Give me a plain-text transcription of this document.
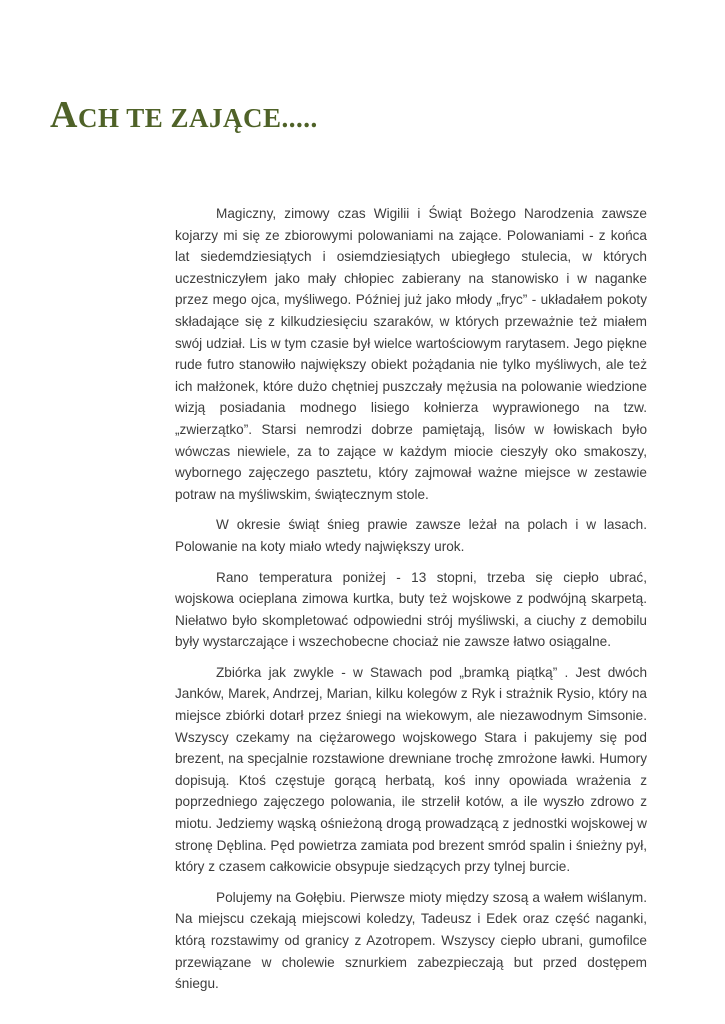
ACH TE ZAJĄCE.....

Magiczny, zimowy czas Wigilii i Świąt Bożego Narodzenia zawsze kojarzy mi się ze zbiorowymi polowaniami na zające. Polowaniami - z końca lat siedemdziesiątych i osiemdziesiątych ubiegłego stulecia, w których uczestniczyłem jako mały chłopiec zabierany na stanowisko i w naganke przez mego ojca, myśliwego. Później już jako młody „fryc” - układałem pokoty składające się z kilkudziesięciu szaraków, w których przeważnie też miałem swój udział. Lis w tym czasie był wielce wartościowym rarytasem. Jego piękne rude futro stanowiło największy obiekt pożądania nie tylko myśliwych, ale też ich małżonek, które dużo chętniej puszczały mężusia na polowanie wiedzione wizją posiadania modnego lisiego kołnierza wyprawionego na tzw. „zwierzątko”. Starsi nemrodzi dobrze pamiętają, lisów w łowiskach było wówczas niewiele, za to zające w każdym miocie cieszyły oko smakoszy, wybornego zajęczego pasztetu, który zajmował ważne miejsce w zestawie potraw na myśliwskim, świątecznym stole.

W okresie świąt śnieg prawie zawsze leżał na polach i w lasach. Polowanie na koty miało wtedy największy urok.

Rano temperatura poniżej - 13 stopni, trzeba się ciepło ubrać, wojskowa ocieplana zimowa kurtka, buty też wojskowe z podwójną skarpetą. Niełatwo było skompletować odpowiedni strój myśliwski, a ciuchy z demobilu były wystarczające i wszechobecne chociaż nie zawsze łatwo osiągalne.

Zbiórka jak zwykle - w Stawach pod „bramką piątką” . Jest dwóch Janków, Marek, Andrzej, Marian, kilku kolegów z Ryk i strażnik Rysio, który na miejsce zbiórki dotarł przez śniegi na wiekowym, ale niezawodnym Simsonie. Wszyscy czekamy na ciężarowego wojskowego Stara i pakujemy się pod brezent, na specjalnie rozstawione drewniane trochę zmrożone ławki. Humory dopisują. Ktoś częstuje gorącą herbatą, koś inny opowiada wrażenia z poprzedniego zajęczego polowania, ile strzelił kotów, a ile wyszło zdrowo z miotu. Jedziemy wąską ośnieżoną drogą prowadzącą z jednostki wojskowej w stronę Dęblina. Pęd powietrza zamiata pod brezent smród spalin i śnieżny pył, który z czasem całkowicie obsypuje siedzących przy tylnej burcie.

Polujemy na Gołębiu. Pierwsze mioty między szosą a wałem wiślanym. Na miejscu czekają miejscowi koledzy, Tadeusz i Edek oraz część naganki, którą rozstawimy od granicy z Azotropem. Wszyscy ciepło ubrani, gumofilce przewiązane w cholewie sznurkiem zabezpieczają but przed dostępem śniegu.
